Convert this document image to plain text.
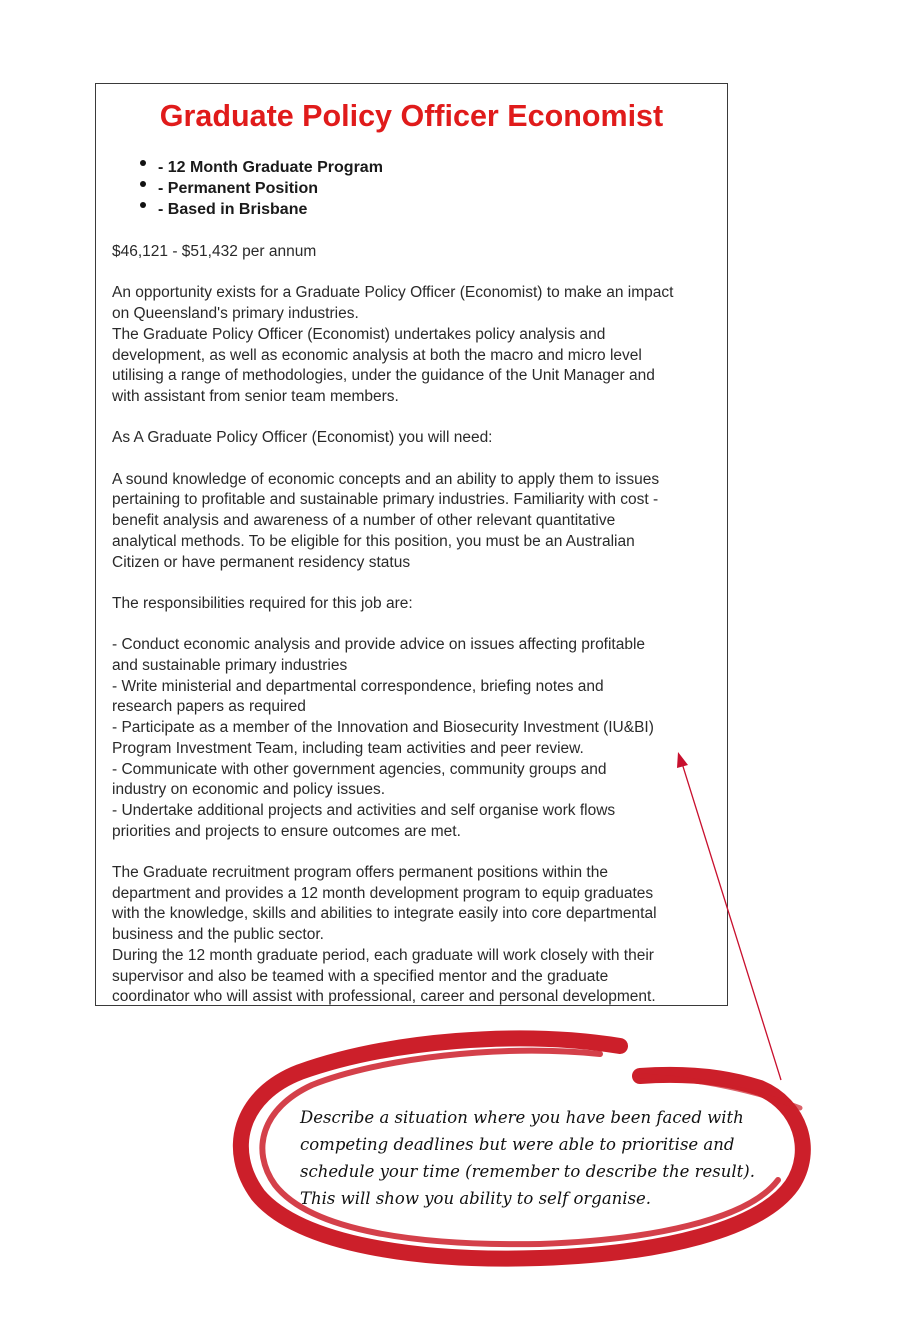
Graduate Policy Officer Economist
- 12 Month Graduate Program
- Permanent Position
- Based in Brisbane

$46,121 - $51,432 per annum

An opportunity exists for a Graduate Policy Officer (Economist) to make an impact
on Queensland's primary industries.
The Graduate Policy Officer (Economist) undertakes policy analysis and
development, as well as economic analysis at both the macro and micro level
utilising a range of methodologies, under the guidance of the Unit Manager and
with assistant from senior team members.

As A Graduate Policy Officer (Economist) you will need:

A sound knowledge of economic concepts and an ability to apply them to issues
pertaining to profitable and sustainable primary industries. Familiarity with cost -
benefit analysis and awareness of a number of other relevant quantitative
analytical methods. To be eligible for this position, you must be an Australian
Citizen or have permanent residency status

The responsibilities required for this job are:

- Conduct economic analysis and provide advice on issues affecting profitable
and sustainable primary industries

- Write ministerial and departmental correspondence, briefing notes and
research papers as required

- Participate as a member of the Innovation and Biosecurity Investment (IU&BI)
Program Investment Team, including team activities and peer review.

- Communicate with other government agencies, community groups and
industry on economic and policy issues.

- Undertake additional projects and activities and self organise work flows
priorities and projects to ensure outcomes are met.

The Graduate recruitment program offers permanent positions within the
department and provides a 12 month development program to equip graduates
with the knowledge, skills and abilities to integrate easily into core departmental
business and the public sector.
During the 12 month graduate period, each graduate will work closely with their
supervisor and also be teamed with a specified mentor and the graduate
coordinator who will assist with professional, career and personal development.

Describe a situation where you have been faced with
competing deadlines but were able to prioritise and
schedule your time (remember to describe the result).
This will show you ability to self organise.
